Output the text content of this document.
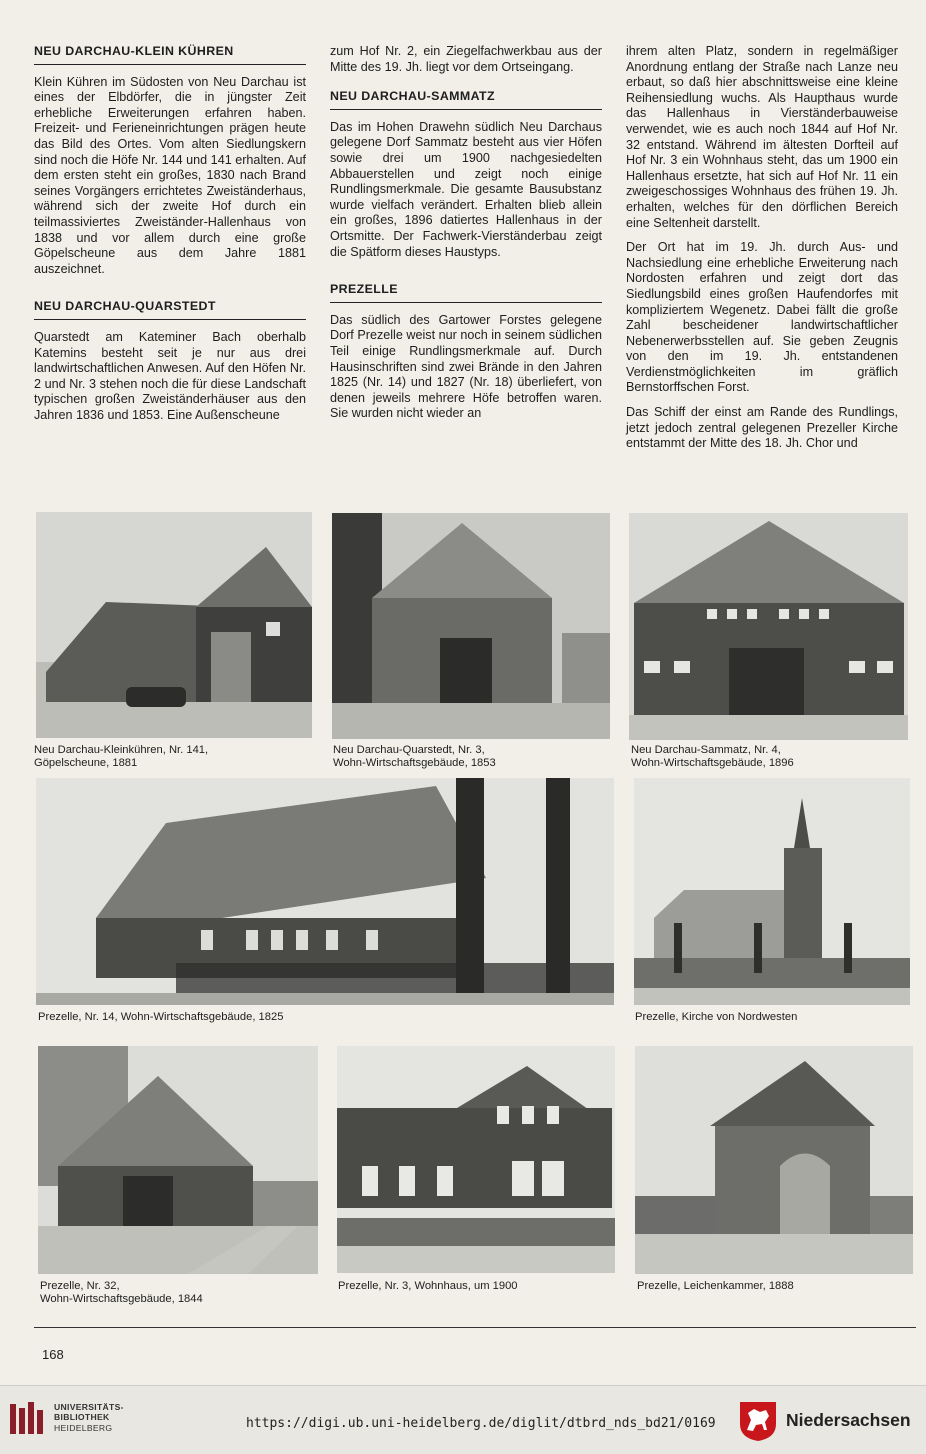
NEU DARCHAU-KLEIN KÜHREN

Klein Kühren im Südosten von Neu Darchau ist eines der Elbdörfer, die in jüngster Zeit erhebliche Erweiterungen erfahren haben. Freizeit- und Ferieneinrichtungen prägen heute das Bild des Ortes. Vom alten Siedlungskern sind noch die Höfe Nr. 144 und 141 erhalten. Auf dem ersten steht ein großes, 1830 nach Brand seines Vorgängers errichtetes Zweiständerhaus, während sich der zweite Hof durch ein teilmassiviertes Zweiständer-Hallenhaus von 1838 und vor allem durch eine große Göpelscheune aus dem Jahre 1881 auszeichnet.

NEU DARCHAU-QUARSTEDT

Quarstedt am Kateminer Bach oberhalb Katemins besteht seit je nur aus drei landwirtschaftlichen Anwesen. Auf den Höfen Nr. 2 und Nr. 3 stehen noch die für diese Landschaft typischen großen Zweiständerhäuser aus den Jahren 1836 und 1853. Eine Außenscheune

zum Hof Nr. 2, ein Ziegelfachwerkbau aus der Mitte des 19. Jh. liegt vor dem Ortseingang.

NEU DARCHAU-SAMMATZ

Das im Hohen Drawehn südlich Neu Darchaus gelegene Dorf Sammatz besteht aus vier Höfen sowie drei um 1900 nachgesiedelten Abbauerstellen und zeigt noch einige Rundlingsmerkmale. Die gesamte Bausubstanz wurde vielfach verändert. Erhalten blieb allein ein großes, 1896 datiertes Hallenhaus in der Ortsmitte. Der Fachwerk-Vierständerbau zeigt die Spätform dieses Haustyps.

PREZELLE

Das südlich des Gartower Forstes gelegene Dorf Prezelle weist nur noch in seinem südlichen Teil einige Rundlingsmerkmale auf. Durch Hausinschriften sind zwei Brände in den Jahren 1825 (Nr. 14) und 1827 (Nr. 18) überliefert, von denen jeweils mehrere Höfe betroffen waren. Sie wurden nicht wieder an

ihrem alten Platz, sondern in regelmäßiger Anordnung entlang der Straße nach Lanze neu erbaut, so daß hier abschnittsweise eine kleine Reihensiedlung wuchs. Als Haupthaus wurde das Hallenhaus in Vierständerbauweise verwendet, wie es auch noch 1844 auf Hof Nr. 32 entstand. Während im ältesten Dorfteil auf Hof Nr. 3 ein Wohnhaus steht, das um 1900 ein Hallenhaus ersetzte, hat sich auf Hof Nr. 11 ein zweigeschossiges Wohnhaus des frühen 19. Jh. erhalten, welches für den dörflichen Bereich eine Seltenheit darstellt.

Der Ort hat im 19. Jh. durch Aus- und Nachsiedlung eine erhebliche Erweiterung nach Nordosten erfahren und zeigt dort das Siedlungsbild eines großen Haufendorfes mit kompliziertem Wegenetz. Dabei fällt die große Zahl bescheidener landwirtschaftlicher Nebenerwerbsstellen auf. Sie geben Zeugnis von den im 19. Jh. entstandenen Verdienstmöglichkeiten im gräflich Bernstorffschen Forst.

Das Schiff der einst am Rande des Rundlings, jetzt jedoch zentral gelegenen Prezeller Kirche entstammt der Mitte des 18. Jh. Chor und

Neu Darchau-Kleinkühren, Nr. 141,
Göpelscheune, 1881
Neu Darchau-Quarstedt, Nr. 3,
Wohn-Wirtschaftsgebäude, 1853
Neu Darchau-Sammatz, Nr. 4,
Wohn-Wirtschaftsgebäude, 1896
Prezelle, Nr. 14, Wohn-Wirtschaftsgebäude, 1825	Prezelle, Kirche von Nordwesten
Prezelle, Nr. 32,
Wohn-Wirtschaftsgebäude, 1844
Prezelle, Nr. 3, Wohnhaus, um 1900	Prezelle, Leichenkammer, 1888
168
UNIVERSITÄTS-
BIBLIOTHEK
HEIDELBERG	https://digi.ub.uni-heidelberg.de/diglit/dtbrd_nds_bd21/0169	Niedersachsen
